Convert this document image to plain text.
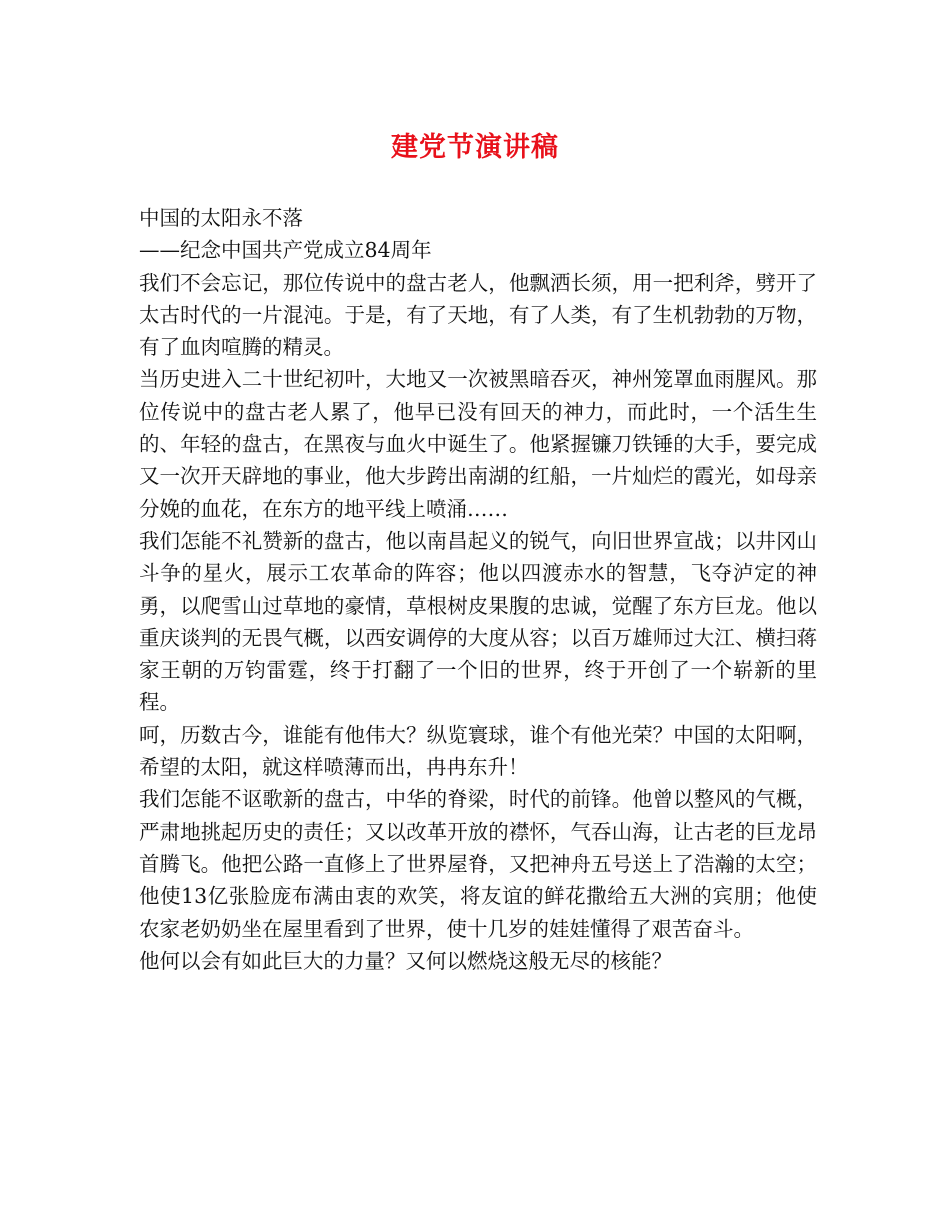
建党节演讲稿

中国的太阳永不落

——纪念中国共产党成立84周年

我们不会忘记，那位传说中的盘古老人，他飘洒长须，用一把利斧，劈开了太古时代的一片混沌。于是，有了天地，有了人类，有了生机勃勃的万物，有了血肉喧腾的精灵。

当历史进入二十世纪初叶，大地又一次被黑暗吞灭，神州笼罩血雨腥风。那位传说中的盘古老人累了，他早已没有回天的神力，而此时，一个活生生的、年轻的盘古，在黑夜与血火中诞生了。他紧握镰刀铁锤的大手，要完成又一次开天辟地的事业，他大步跨出南湖的红船，一片灿烂的霞光，如母亲分娩的血花，在东方的地平线上喷涌……

我们怎能不礼赞新的盘古，他以南昌起义的锐气，向旧世界宣战；以井冈山斗争的星火，展示工农革命的阵容；他以四渡赤水的智慧，飞夺泸定的神勇，以爬雪山过草地的豪情，草根树皮果腹的忠诚，觉醒了东方巨龙。他以重庆谈判的无畏气概，以西安调停的大度从容；以百万雄师过大江、横扫蒋家王朝的万钧雷霆，终于打翻了一个旧的世界，终于开创了一个崭新的里程。

呵，历数古今，谁能有他伟大？纵览寰球，谁个有他光荣？中国的太阳啊，希望的太阳，就这样喷薄而出，冉冉东升！

我们怎能不讴歌新的盘古，中华的脊梁，时代的前锋。他曾以整风的气概，严肃地挑起历史的责任；又以改革开放的襟怀，气吞山海，让古老的巨龙昂首腾飞。他把公路一直修上了世界屋脊，又把神舟五号送上了浩瀚的太空；他使13亿张脸庞布满由衷的欢笑，将友谊的鲜花撒给五大洲的宾朋；他使农家老奶奶坐在屋里看到了世界，使十几岁的娃娃懂得了艰苦奋斗。

他何以会有如此巨大的力量？又何以燃烧这般无尽的核能？
